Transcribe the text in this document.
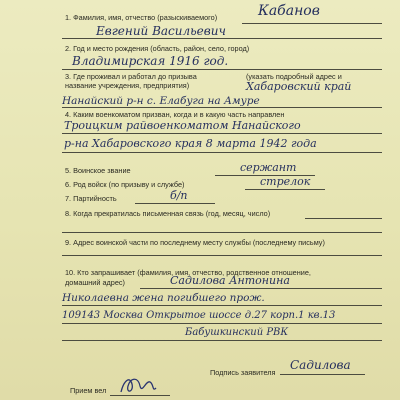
1. Фамилия, имя, отчество (разыскиваемого)	Кабанов
Евгений Васильевич
2. Год и место рождения (область, район, село, город)
Владимирская 1916 год.
3. Где проживал и работал до призыва	(указать подробный адрес и
название учреждения, предприятия)	Хабаровский край
Нанайский р-н с. Елабуга на Амуре
4. Каким военкоматом призван, когда и в какую часть направлен
Троицким райвоенкоматом Нанайского
р-на Хабаровского края 8 марта 1942 года
5. Воинское звание	сержант
6. Род войск (по призыву и службе)	стрелок
7. Партийность	б/п
8. Когда прекратилась письменная связь (год, месяц, число)
9. Адрес воинской части по последнему месту службы (последнему письму)
10. Кто запрашивает (фамилия, имя, отчество, родственное отношение,
домашний адрес)	Садилова Антонина
Николаевна жена погибшего прож.
109143 Москва Открытое шоссе д.27 корп.1 кв.13
Бабушкинский РВК
Подпись заявителя
Садилова
Прием вел
